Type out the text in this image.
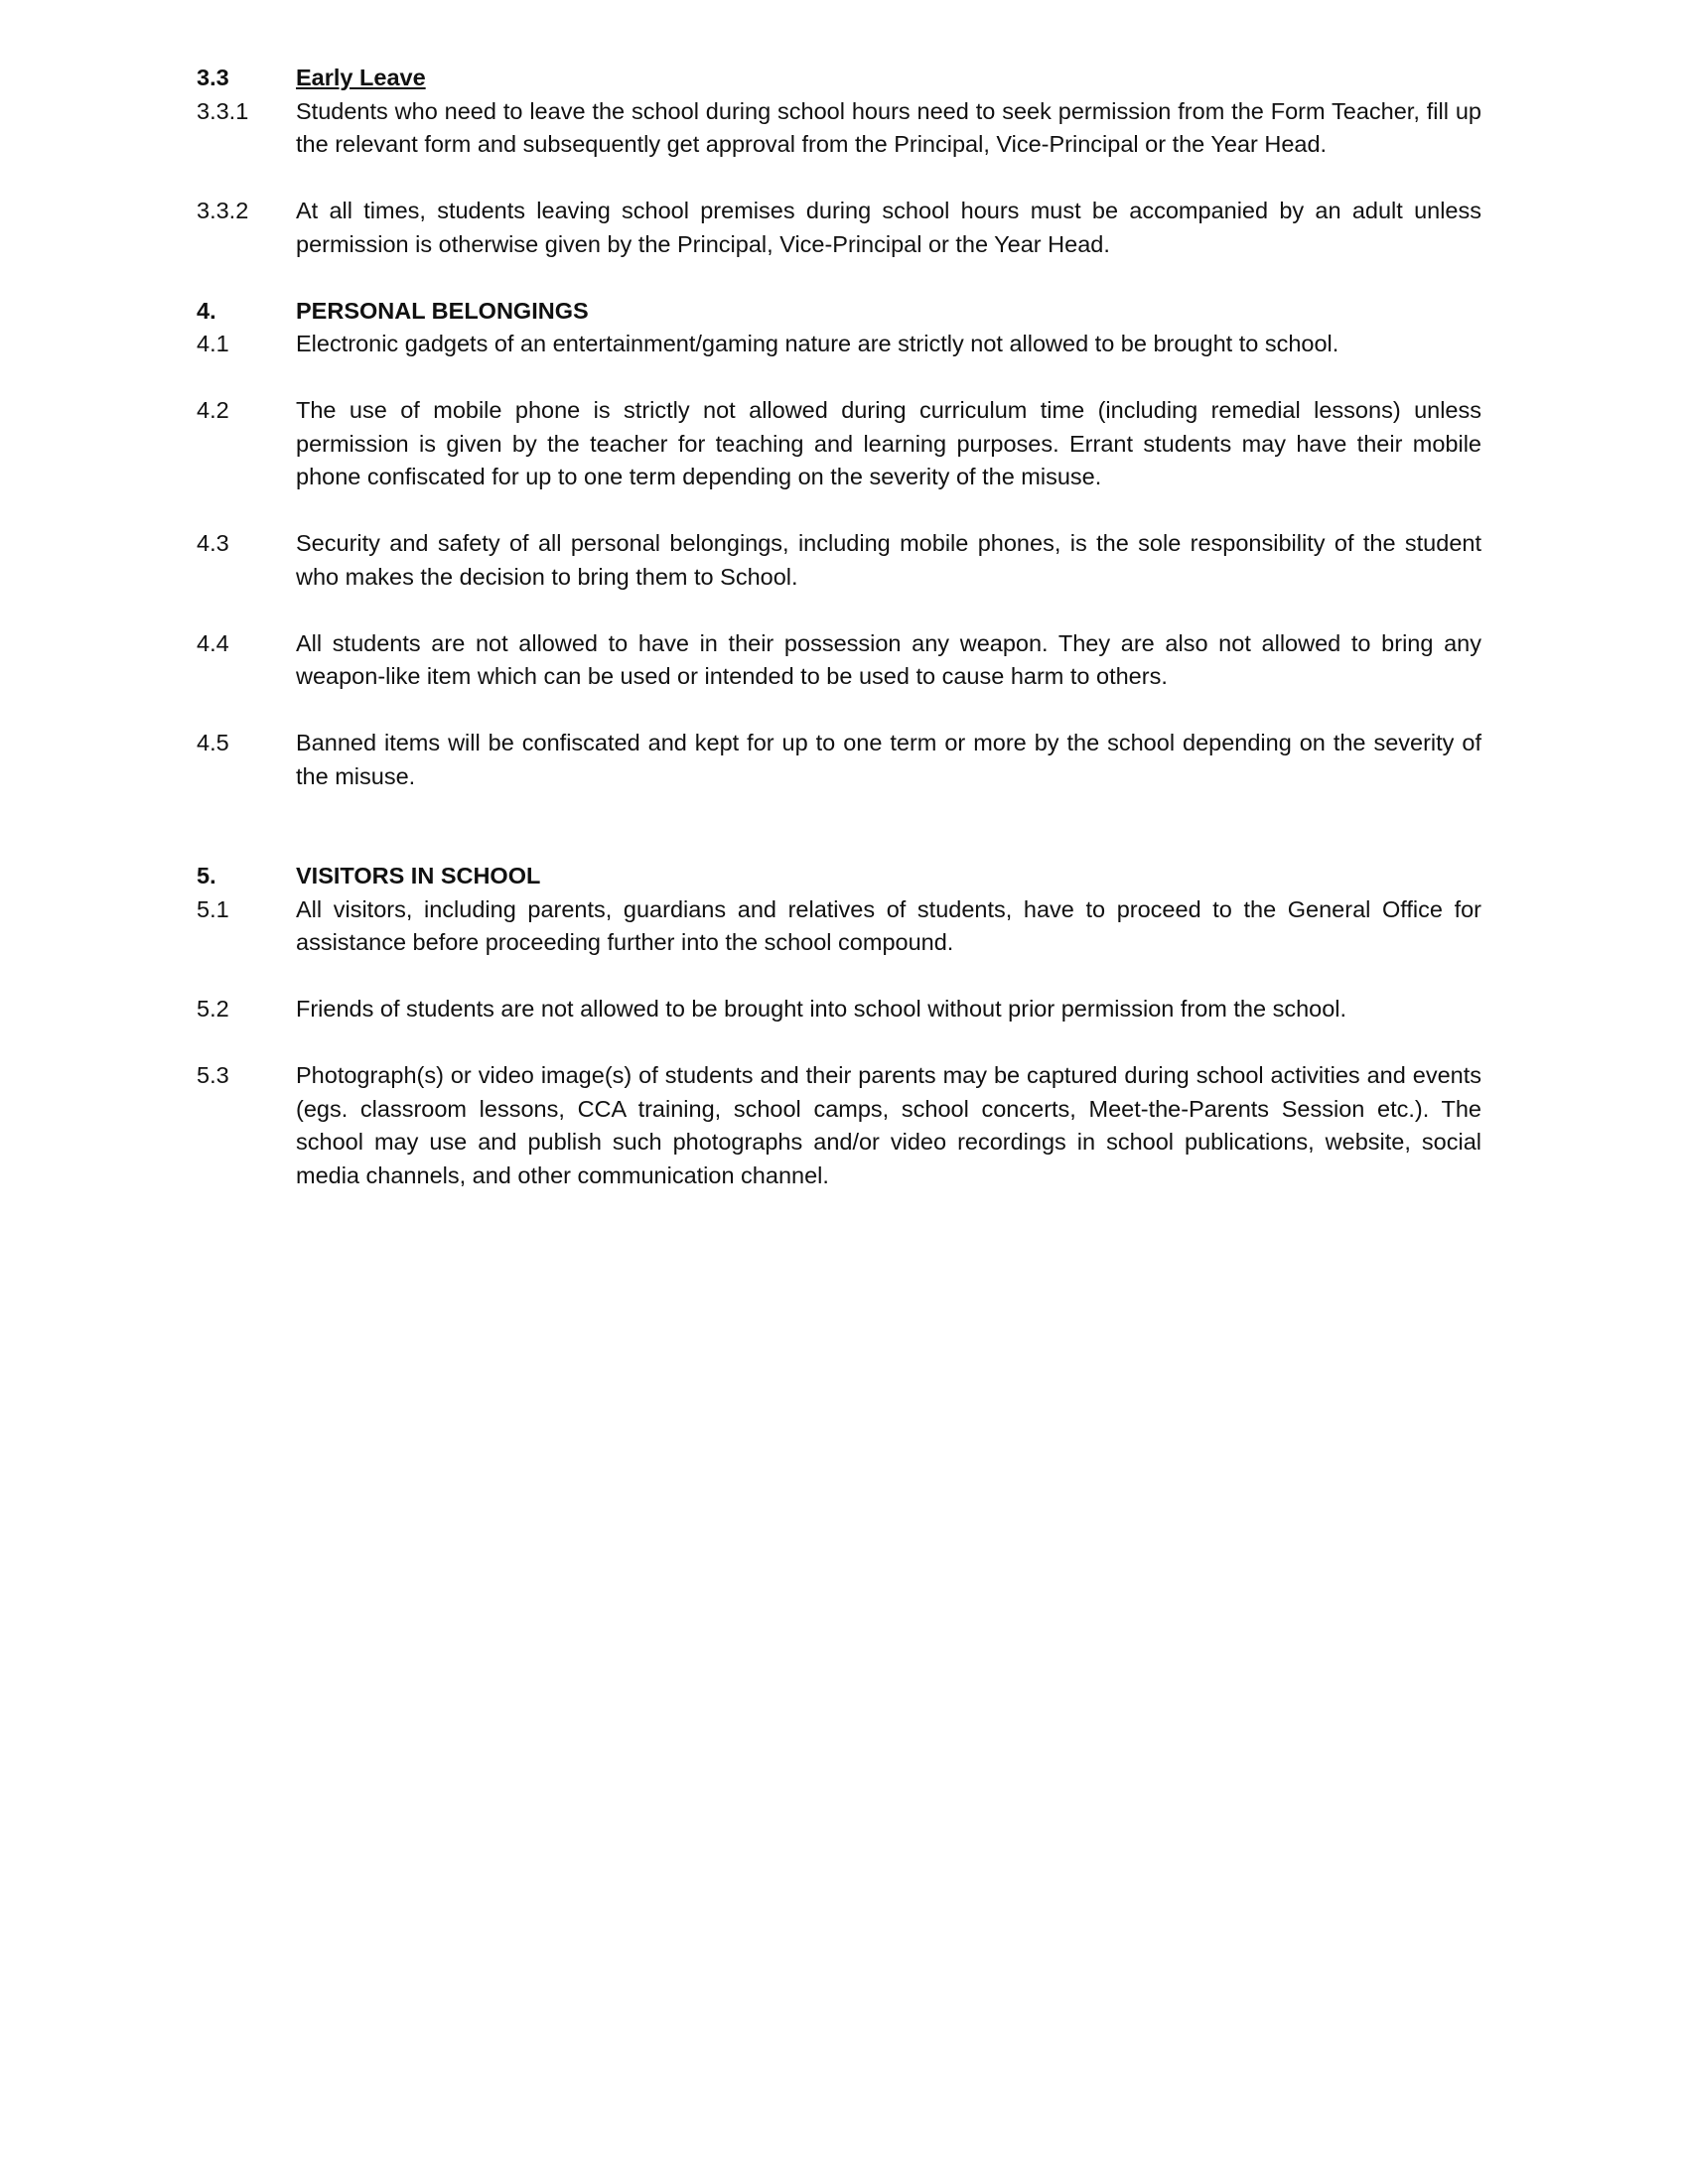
3.3	Early Leave
3.3.1	Students who need to leave the school during school hours need to seek permission from the Form Teacher, fill up the relevant form and subsequently get approval from the Principal, Vice-Principal or the Year Head.
3.3.2	At all times, students leaving school premises during school hours must be accompanied by an adult unless permission is otherwise given by the Principal, Vice-Principal or the Year Head.
4.	PERSONAL BELONGINGS
4.1	Electronic gadgets of an entertainment/gaming nature are strictly not allowed to be brought to school.
4.2	The use of mobile phone is strictly not allowed during curriculum time (including remedial lessons) unless permission is given by the teacher for teaching and learning purposes. Errant students may have their mobile phone confiscated for up to one term depending on the severity of the misuse.
4.3	Security and safety of all personal belongings, including mobile phones, is the sole responsibility of the student who makes the decision to bring them to School.
4.4	All students are not allowed to have in their possession any weapon. They are also not allowed to bring any weapon-like item which can be used or intended to be used to cause harm to others.
4.5	Banned items will be confiscated and kept for up to one term or more by the school depending on the severity of the misuse.
5.	VISITORS IN SCHOOL
5.1	All visitors, including parents, guardians and relatives of students, have to proceed to the General Office for assistance before proceeding further into the school compound.
5.2	Friends of students are not allowed to be brought into school without prior permission from the school.
5.3	Photograph(s) or video image(s) of students and their parents may be captured during school activities and events (egs. classroom lessons, CCA training, school camps, school concerts, Meet-the-Parents Session etc.). The school may use and publish such photographs and/or video recordings in school publications, website, social media channels, and other communication channel.
